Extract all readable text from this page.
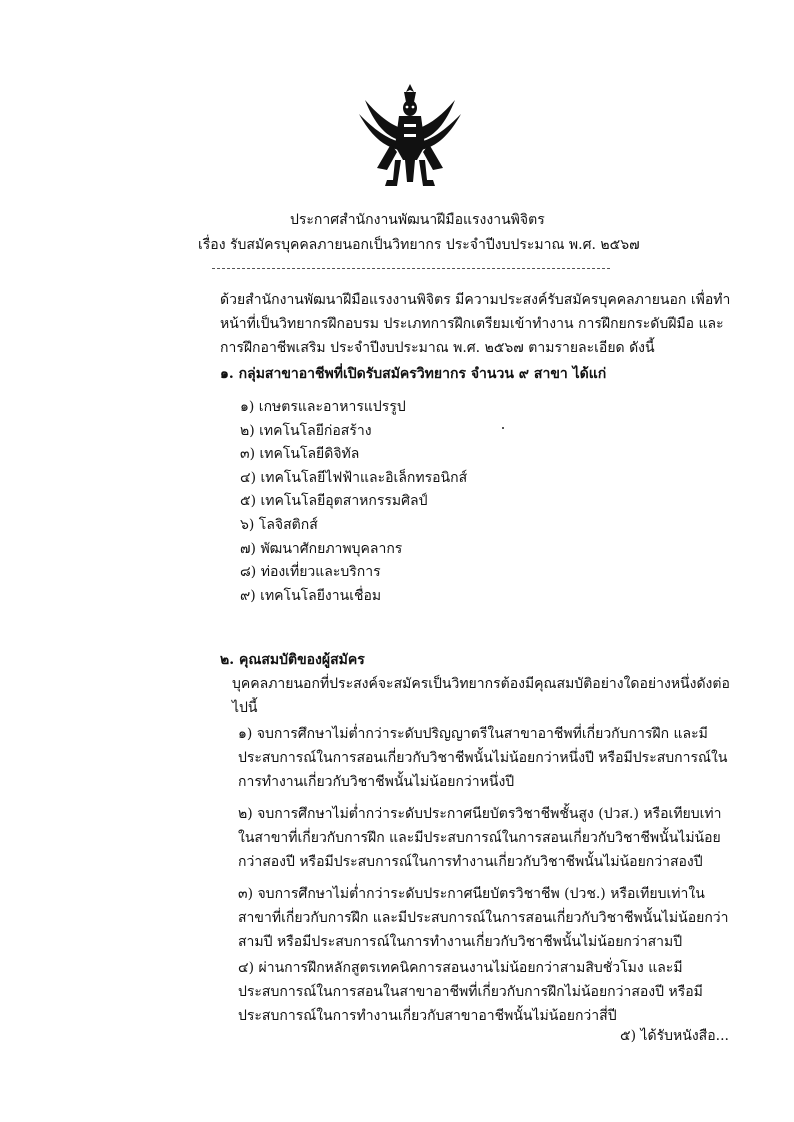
ประกาศสำนักงานพัฒนาฝีมือแรงงานพิจิตร
เรื่อง รับสมัครบุคคลภายนอกเป็นวิทยากร ประจำปีงบประมาณ พ.ศ. ๒๕๖๗
ด้วยสำนักงานพัฒนาฝีมือแรงงานพิจิตร มีความประสงค์รับสมัครบุคคลภายนอก เพื่อทำหน้าที่เป็นวิทยากรฝึกอบรม ประเภทการฝึกเตรียมเข้าทำงาน การฝึกยกระดับฝีมือ และการฝึกอาชีพเสริม ประจำปีงบประมาณ พ.ศ. ๒๕๖๗ ตามรายละเอียด ดังนี้
๑. กลุ่มสาขาอาชีพที่เปิดรับสมัครวิทยากร จำนวน ๙ สาขา ได้แก่
๑) เกษตรและอาหารแปรรูป
๒) เทคโนโลยีก่อสร้าง
๓) เทคโนโลยีดิจิทัล
๔) เทคโนโลยีไฟฟ้าและอิเล็กทรอนิกส์
๕) เทคโนโลยีอุตสาหกรรมศิลป์
๖) โลจิสติกส์
๗) พัฒนาศักยภาพบุคลากร
๘) ท่องเที่ยวและบริการ
๙) เทคโนโลยีงานเชื่อม

๒. คุณสมบัติของผู้สมัคร

บุคคลภายนอกที่ประสงค์จะสมัครเป็นวิทยากรต้องมีคุณสมบัติอย่างใดอย่างหนึ่งดังต่อไปนี้

๑) จบการศึกษาไม่ต่ำกว่าระดับปริญญาตรีในสาขาอาชีพที่เกี่ยวกับการฝึก และมีประสบการณ์ในการสอนเกี่ยวกับวิชาชีพนั้นไม่น้อยกว่าหนึ่งปี หรือมีประสบการณ์ในการทำงานเกี่ยวกับวิชาชีพนั้นไม่น้อยกว่าหนึ่งปี

๒) จบการศึกษาไม่ต่ำกว่าระดับประกาศนียบัตรวิชาชีพชั้นสูง (ปวส.) หรือเทียบเท่าในสาขาที่เกี่ยวกับการฝึก และมีประสบการณ์ในการสอนเกี่ยวกับวิชาชีพนั้นไม่น้อยกว่าสองปี หรือมีประสบการณ์ในการทำงานเกี่ยวกับวิชาชีพนั้นไม่น้อยกว่าสองปี

๓) จบการศึกษาไม่ต่ำกว่าระดับประกาศนียบัตรวิชาชีพ (ปวช.) หรือเทียบเท่าในสาขาที่เกี่ยวกับการฝึก และมีประสบการณ์ในการสอนเกี่ยวกับวิชาชีพนั้นไม่น้อยกว่าสามปี หรือมีประสบการณ์ในการทำงานเกี่ยวกับวิชาชีพนั้นไม่น้อยกว่าสามปี

๔) ผ่านการฝึกหลักสูตรเทคนิคการสอนงานไม่น้อยกว่าสามสิบชั่วโมง และมีประสบการณ์ในการสอนในสาขาอาชีพที่เกี่ยวกับการฝึกไม่น้อยกว่าสองปี หรือมีประสบการณ์ในการทำงานเกี่ยวกับสาขาอาชีพนั้นไม่น้อยกว่าสี่ปี

๕) ได้รับหนังสือ...
